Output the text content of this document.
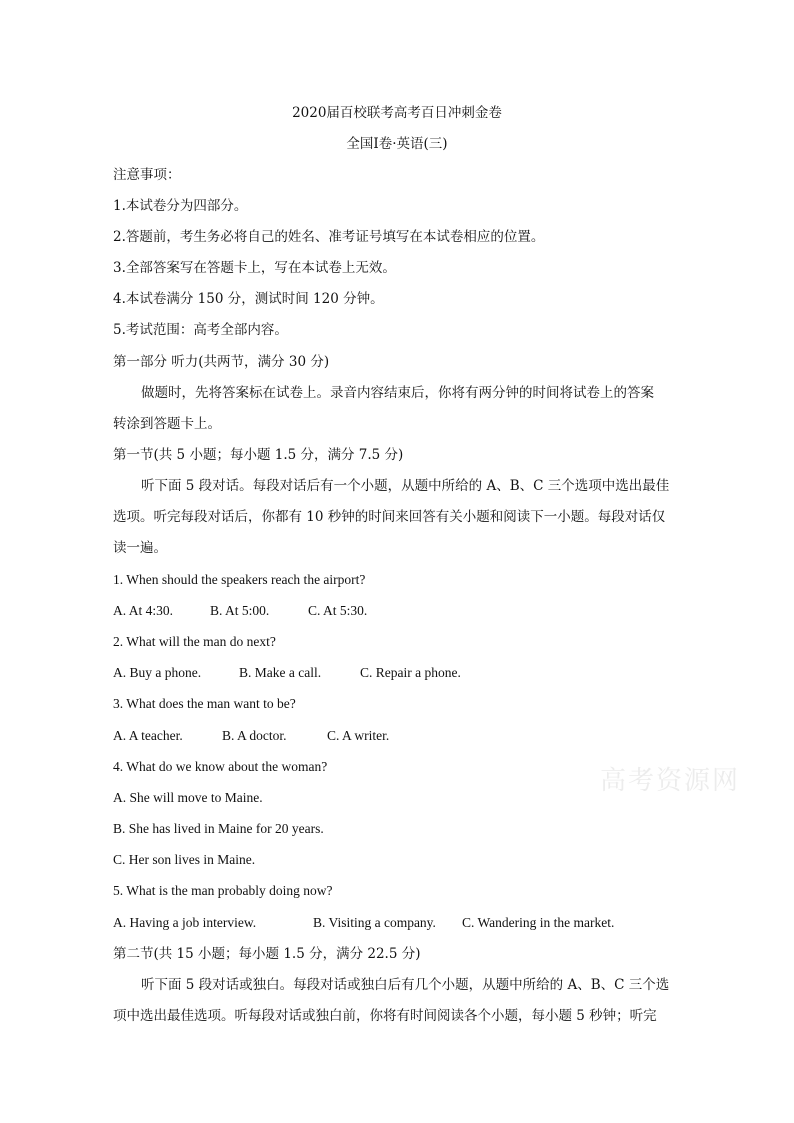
2020届百校联考高考百日冲刺金卷
全国Ⅰ卷·英语(三)
注意事项：
1.本试卷分为四部分。
2.答题前，考生务必将自己的姓名、准考证号填写在本试卷相应的位置。
3.全部答案写在答题卡上，写在本试卷上无效。
4.本试卷满分 150 分，测试时间 120 分钟。
5.考试范围：高考全部内容。
第一部分 听力(共两节，满分 30 分)
做题时，先将答案标在试卷上。录音内容结束后，你将有两分钟的时间将试卷上的答案
转涂到答题卡上。
第一节(共 5 小题；每小题 1.5 分，满分 7.5 分)
听下面 5 段对话。每段对话后有一个小题，从题中所给的 A、B、C 三个选项中选出最佳
选项。听完每段对话后，你都有 10 秒钟的时间来回答有关小题和阅读下一小题。每段对话仅
读一遍。
1. When should the speakers reach the airport?
A. At 4:30.	B. At 5:00.	C. At 5:30.
2. What will the man do next?
A. Buy a phone.	B. Make a call.	C. Repair a phone.
3. What does the man want to be?
A. A teacher.	B. A doctor.	C. A writer.
4. What do we know about the woman?
A. She will move to Maine.
B. She has lived in Maine for 20 years.
C. Her son lives in Maine.
5. What is the man probably doing now?
A. Having a job interview.	B. Visiting a company. C. Wandering in the market.
第二节(共 15 小题；每小题 1.5 分，满分 22.5 分)
听下面 5 段对话或独白。每段对话或独白后有几个小题，从题中所给的 A、B、C 三个选
项中选出最佳选项。听每段对话或独白前，你将有时间阅读各个小题，每小题 5 秒钟；听完
高考资源网
